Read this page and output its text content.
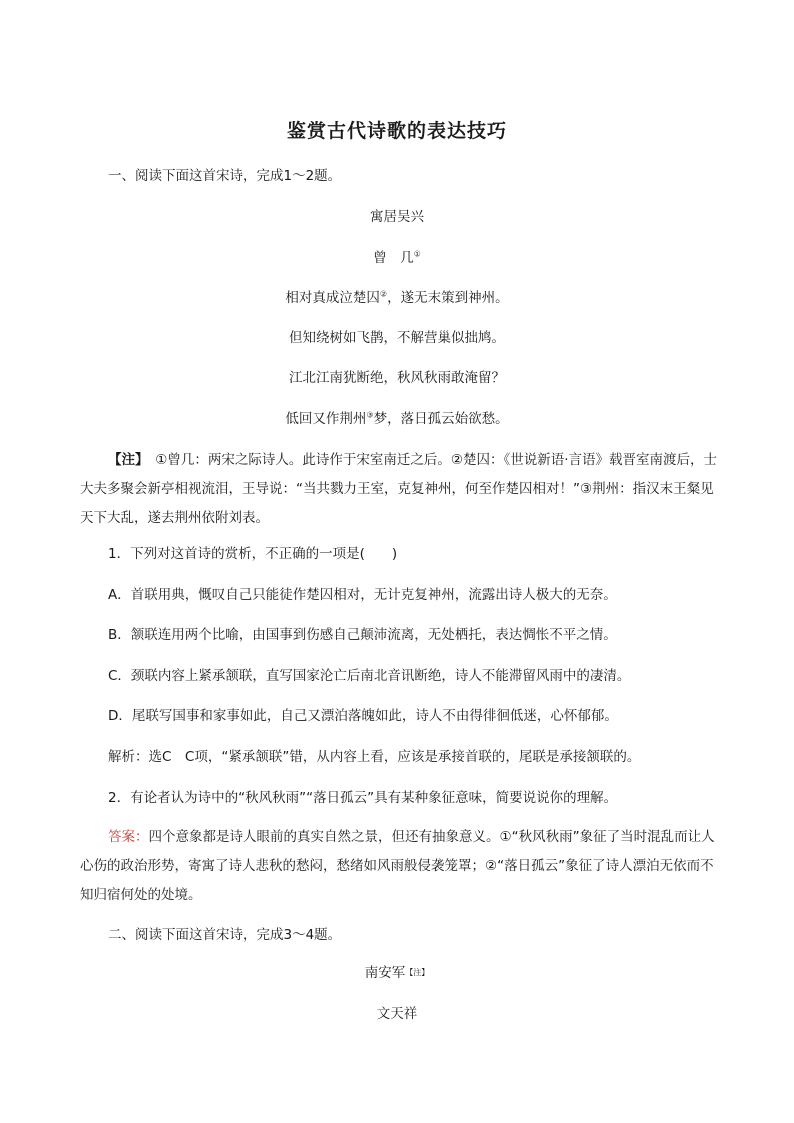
鉴赏古代诗歌的表达技巧
一、阅读下面这首宋诗，完成1～2题。
寓居吴兴
曾　几①
相对真成泣楚囚②，遂无末策到神州。
但知绕树如飞鹊，不解营巢似拙鸠。
江北江南犹断绝，秋风秋雨敢淹留？
低回又作荆州③梦，落日孤云始欲愁。
【注】　①曾几：两宋之际诗人。此诗作于宋室南迁之后。②楚囚：《世说新语·言语》载晋室南渡后，士大夫多聚会新亭相视流泪，王导说：“当共戮力王室，克复神州，何至作楚囚相对！”③荆州：指汉末王粲见天下大乱，遂去荆州依附刘表。
1．下列对这首诗的赏析，不正确的一项是(　　)
A．首联用典，慨叹自己只能徒作楚囚相对，无计克复神州，流露出诗人极大的无奈。
B．颔联连用两个比喻，由国事到伤感自己颠沛流离，无处栖托，表达惆怅不平之情。
C．颈联内容上紧承颔联，直写国家沦亡后南北音讯断绝，诗人不能滞留风雨中的凄清。
D．尾联写国事和家事如此，自己又漂泊落魄如此，诗人不由得徘徊低迷，心怀郁郁。
解析：选C　C项，“紧承颔联”错，从内容上看，应该是承接首联的，尾联是承接颔联的。
2．有论者认为诗中的“秋风秋雨”“落日孤云”具有某种象征意味，简要说说你的理解。
答案：四个意象都是诗人眼前的真实自然之景，但还有抽象意义。①“秋风秋雨”象征了当时混乱而让人心伤的政治形势，寄寓了诗人悲秋的愁闷，愁绪如风雨般侵袭笼罩；②“落日孤云”象征了诗人漂泊无依而不知归宿何处的处境。
二、阅读下面这首宋诗，完成3～4题。
南安军【注】
文天祥
